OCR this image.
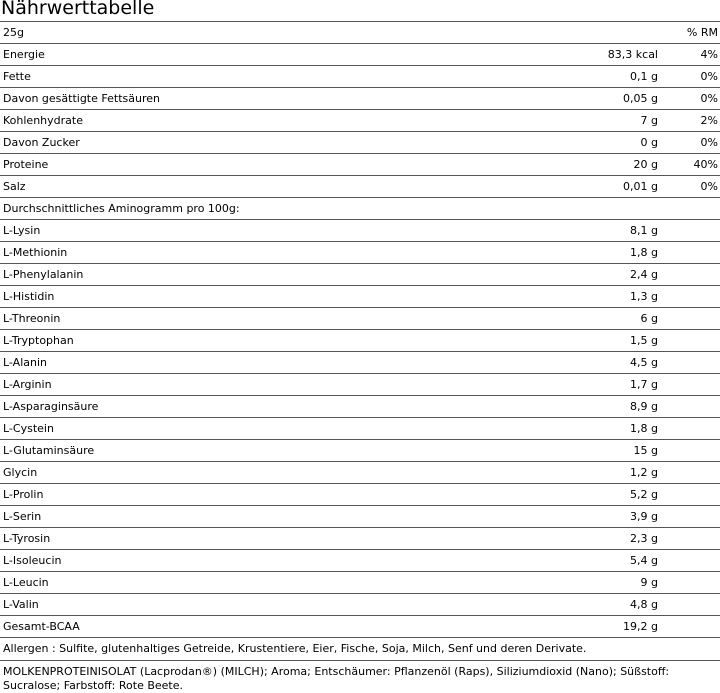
Nährwerttabelle
25g		% RM
Energie	83,3 kcal	4%
Fette	0,1 g	0%
Davon gesättigte Fettsäuren	0,05 g	0%
Kohlenhydrate	7 g	2%
Davon Zucker	0 g	0%
Proteine	20 g	40%
Salz	0,01 g	0%
Durchschnittliches Aminogramm pro 100g:		
L-Lysin	8,1 g	
L-Methionin	1,8 g	
L-Phenylalanin	2,4 g	
L-Histidin	1,3 g	
L-Threonin	6 g	
L-Tryptophan	1,5 g	
L-Alanin	4,5 g	
L-Arginin	1,7 g	
L-Asparaginsäure	8,9 g	
L-Cystein	1,8 g	
L-Glutaminsäure	15 g	
Glycin	1,2 g	
L-Prolin	5,2 g	
L-Serin	3,9 g	
L-Tyrosin	2,3 g	
L-Isoleucin	5,4 g	
L-Leucin	9 g	
L-Valin	4,8 g	
Gesamt-BCAA	19,2 g	
Allergen : Sulfite, glutenhaltiges Getreide, Krustentiere, Eier, Fische, Soja, Milch, Senf und deren Derivate.
MOLKENPROTEINISOLAT (Lacprodan®) (MILCH); Aroma; Entschäumer: Pflanzenöl (Raps), Siliziumdioxid (Nano); Süßstoff: Sucralose; Farbstoff: Rote Beete.
